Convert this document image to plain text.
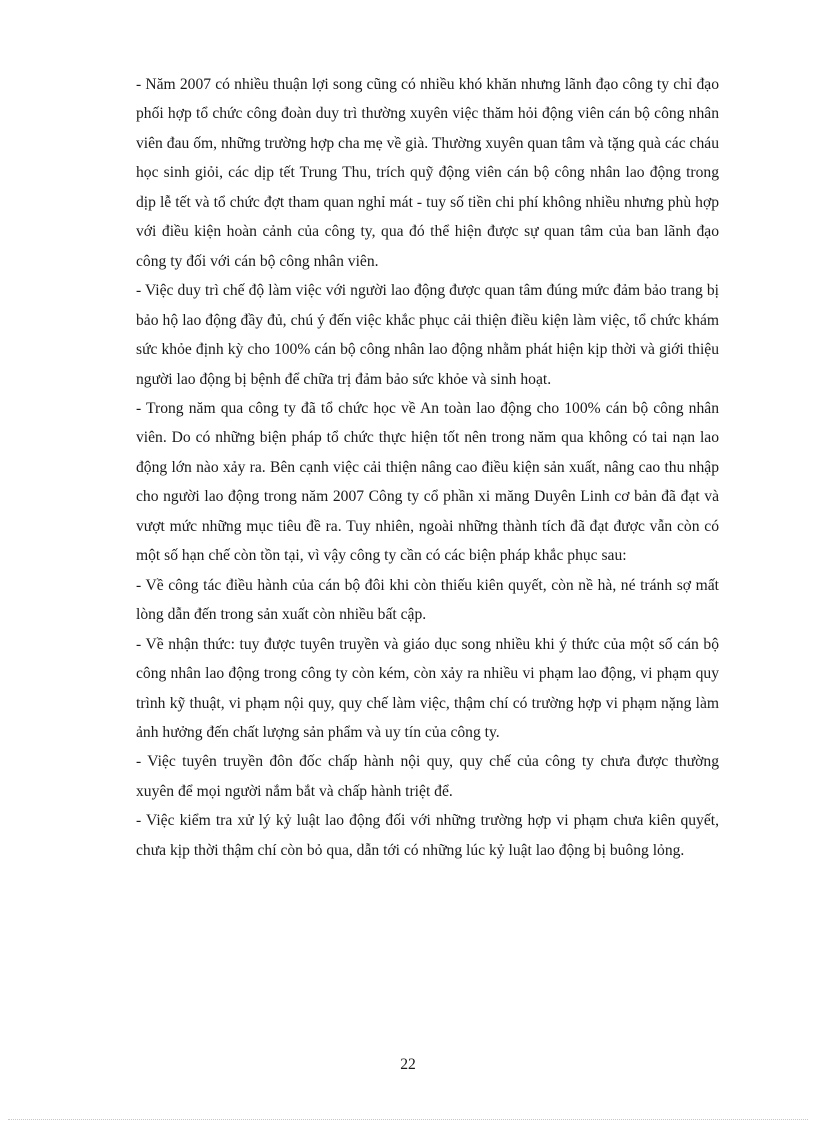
- Năm 2007 có nhiều thuận lợi song cũng có nhiều khó khăn nhưng lãnh đạo công ty chỉ đạo phối hợp tổ chức công đoàn duy trì thường xuyên việc thăm hỏi động viên cán bộ công nhân viên đau ốm, những trường hợp cha mẹ về già. Thường xuyên quan tâm và tặng quà các cháu học sinh giỏi, các dịp tết Trung Thu, trích quỹ động viên cán bộ công nhân lao động trong dịp lễ tết và tổ chức đợt tham quan nghỉ mát - tuy số tiền chi phí không nhiều nhưng phù hợp với điều kiện hoàn cảnh của công ty, qua đó thể hiện được sự quan tâm của ban lãnh đạo công ty đối với cán bộ công nhân viên.

- Việc duy trì chế độ làm việc với người lao động được quan tâm đúng mức đảm bảo trang bị bảo hộ lao động đầy đủ, chú ý đến việc khắc phục cải thiện điều kiện làm việc, tổ chức khám sức khỏe định kỳ cho 100% cán bộ công nhân lao động nhằm phát hiện kịp thời và giới thiệu người lao động bị bệnh để chữa trị đảm bảo sức khỏe và sinh hoạt.

- Trong năm qua công ty đã tổ chức học về An toàn lao động cho 100% cán bộ công nhân viên. Do có những biện pháp tổ chức thực hiện tốt nên trong năm qua không có tai nạn lao động lớn nào xảy ra. Bên cạnh việc cải thiện nâng cao điều kiện sản xuất, nâng cao thu nhập cho người lao động trong năm 2007 Công ty cổ phần xi măng Duyên Linh cơ bản đã đạt và vượt mức những mục tiêu đề ra. Tuy nhiên, ngoài những thành tích đã đạt được vẫn còn có một số hạn chế còn tồn tại, vì vậy công ty cần có các biện pháp khắc phục sau:

- Về công tác điều hành của cán bộ đôi khi còn thiếu kiên quyết, còn nề hà, né tránh sợ mất lòng dẫn đến trong sản xuất còn nhiều bất cập.

- Về nhận thức: tuy được tuyên truyền và giáo dục song nhiều khi ý thức của một số cán bộ công nhân lao động trong công ty còn kém, còn xảy ra nhiều vi phạm lao động, vi phạm quy trình kỹ thuật, vi phạm nội quy, quy chế làm việc, thậm chí có trường hợp vi phạm nặng làm ảnh hưởng đến chất lượng sản phẩm và uy tín của công ty.

- Việc tuyên truyền đôn đốc chấp hành nội quy, quy chế của công ty chưa được thường xuyên để mọi người nắm bắt và chấp hành triệt để.

- Việc kiểm tra xử lý kỷ luật lao động đối với những trường hợp vi phạm chưa kiên quyết, chưa kịp thời thậm chí còn bỏ qua, dẫn tới có những lúc kỷ luật lao động bị buông lỏng.

22
